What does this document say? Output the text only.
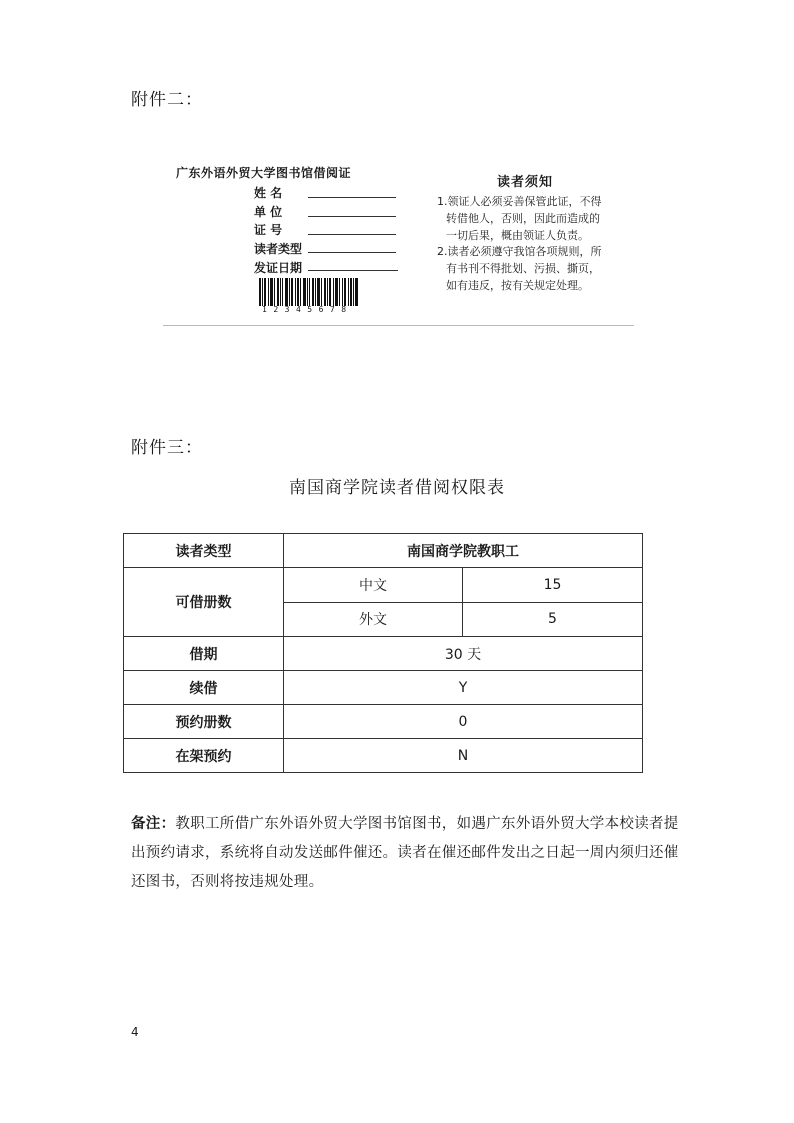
附件二：
广东外语外贸大学图书馆借阅证
姓 名
单 位
证 号
读者类型
发证日期
12345678
读者须知
1.领证人必须妥善保管此证，不得
转借他人，否则，因此而造成的
一切后果，概由领证人负责。
2.读者必须遵守我馆各项规则，所
有书刊不得批划、污损、撕页，
如有违反，按有关规定处理。
附件三：
南国商学院读者借阅权限表
读者类型	南国商学院教职工	
可借册数	中文	15
	外文	5
借期	30 天	
续借	Y	
预约册数	0	
在架预约	N	
备注：教职工所借广东外语外贸大学图书馆图书，如遇广东外语外贸大学本校读者提出预约请求，系统将自动发送邮件催还。读者在催还邮件发出之日起一周内须归还催还图书，否则将按违规处理。
4
